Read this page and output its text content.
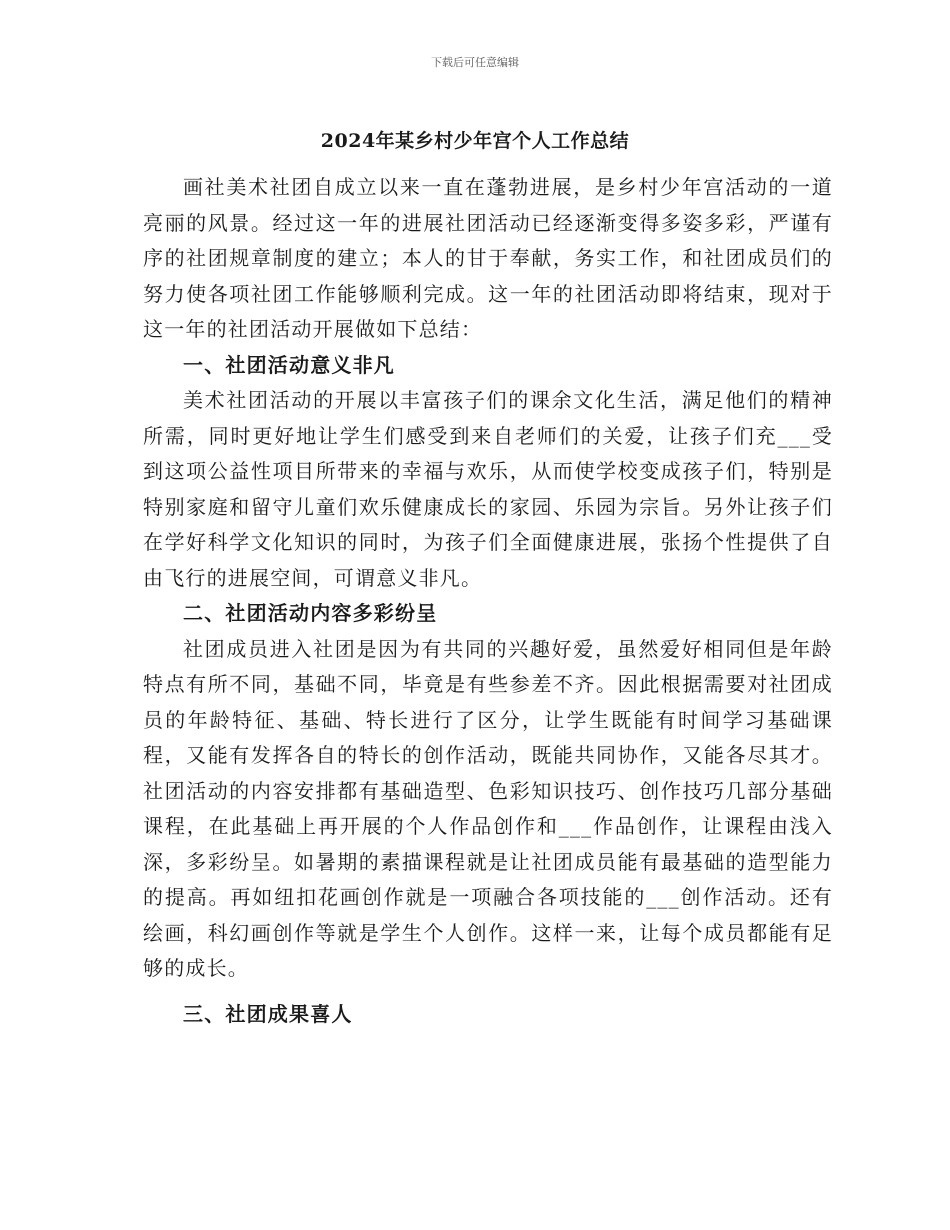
下载后可任意编辑
2024年某乡村少年宫个人工作总结

画社美术社团自成立以来一直在蓬勃进展，是乡村少年宫活动的一道亮丽的风景。经过这一年的进展社团活动已经逐渐变得多姿多彩，严谨有序的社团规章制度的建立；本人的甘于奉献，务实工作，和社团成员们的努力使各项社团工作能够顺利完成。这一年的社团活动即将结束，现对于这一年的社团活动开展做如下总结：

一、社团活动意义非凡

美术社团活动的开展以丰富孩子们的课余文化生活，满足他们的精神所需，同时更好地让学生们感受到来自老师们的关爱，让孩子们充___受到这项公益性项目所带来的幸福与欢乐，从而使学校变成孩子们，特别是特别家庭和留守儿童们欢乐健康成长的家园、乐园为宗旨。另外让孩子们在学好科学文化知识的同时，为孩子们全面健康进展，张扬个性提供了自由飞行的进展空间，可谓意义非凡。

二、社团活动内容多彩纷呈

社团成员进入社团是因为有共同的兴趣好爱，虽然爱好相同但是年龄特点有所不同，基础不同，毕竟是有些参差不齐。因此根据需要对社团成员的年龄特征、基础、特长进行了区分，让学生既能有时间学习基础课程，又能有发挥各自的特长的创作活动，既能共同协作，又能各尽其才。社团活动的内容安排都有基础造型、色彩知识技巧、创作技巧几部分基础课程，在此基础上再开展的个人作品创作和___作品创作，让课程由浅入深，多彩纷呈。如暑期的素描课程就是让社团成员能有最基础的造型能力的提高。再如纽扣花画创作就是一项融合各项技能的___创作活动。还有绘画，科幻画创作等就是学生个人创作。这样一来，让每个成员都能有足够的成长。

三、社团成果喜人
